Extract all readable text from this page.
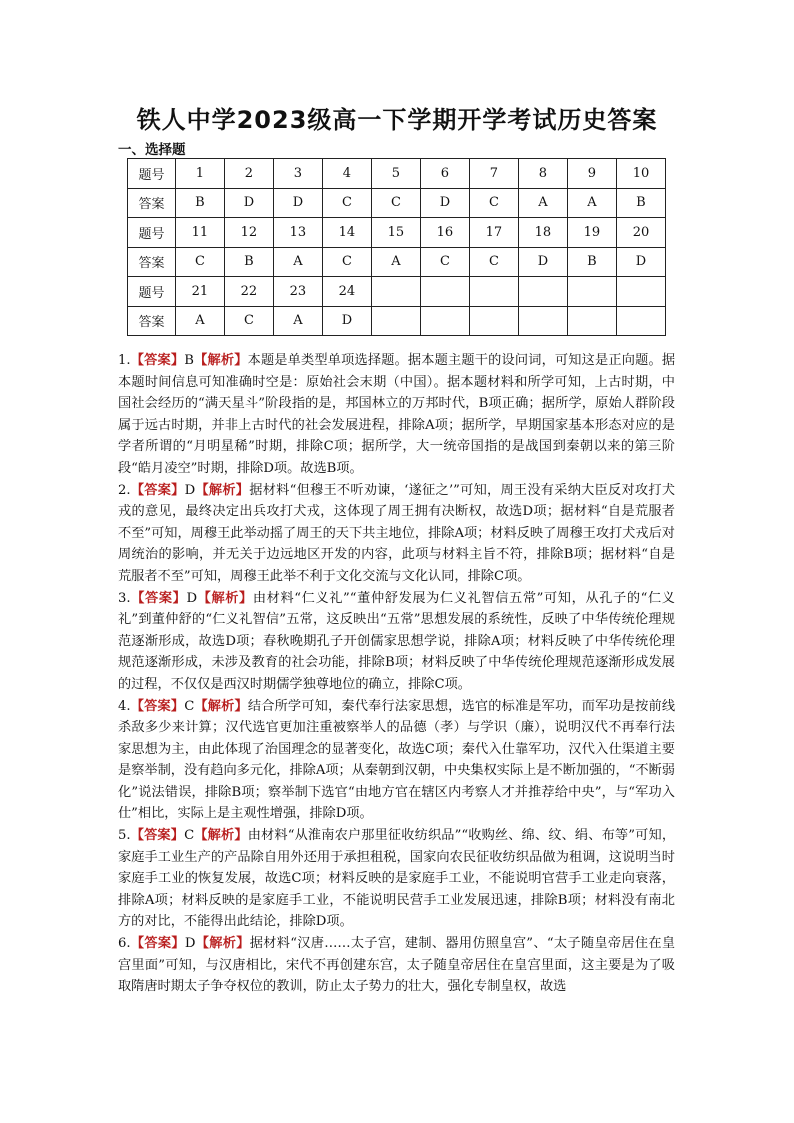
铁人中学2023级高一下学期开学考试历史答案
一、选择题
题号	1	2	3	4	5	6	7	8	9	10
答案	B	D	D	C	C	D	C	A	A	B
题号	11	12	13	14	15	16	17	18	19	20
答案	C	B	A	C	A	C	C	D	B	D
题号	21	22	23	24						
答案	A	C	A	D						

1.【答案】B【解析】本题是单类型单项选择题。据本题主题干的设问词，可知这是正向题。据本题时间信息可知准确时空是：原始社会末期（中国）。据本题材料和所学可知，上古时期，中国社会经历的“满天星斗”阶段指的是，邦国林立的万邦时代，B项正确；据所学，原始人群阶段属于远古时期，并非上古时代的社会发展进程，排除A项；据所学，早期国家基本形态对应的是学者所谓的“月明星稀”时期，排除C项；据所学，大一统帝国指的是战国到秦朝以来的第三阶段“皓月凌空”时期，排除D项。故选B项。

2.【答案】D【解析】据材料“但穆王不听劝谏，‘遂征之’”可知，周王没有采纳大臣反对攻打犬戎的意见，最终决定出兵攻打犬戎，这体现了周王拥有决断权，故选D项；据材料“自是荒服者不至”可知，周穆王此举动摇了周王的天下共主地位，排除A项；材料反映了周穆王攻打犬戎后对周统治的影响，并无关于边远地区开发的内容，此项与材料主旨不符，排除B项；据材料“自是荒服者不至”可知，周穆王此举不利于文化交流与文化认同，排除C项。

3.【答案】D【解析】由材料“仁义礼”“董仲舒发展为仁义礼智信五常”可知，从孔子的“仁义礼”到董仲舒的“仁义礼智信”五常，这反映出“五常”思想发展的系统性，反映了中华传统伦理规范逐渐形成，故选D项；春秋晚期孔子开创儒家思想学说，排除A项；材料反映了中华传统伦理规范逐渐形成，未涉及教育的社会功能，排除B项；材料反映了中华传统伦理规范逐渐形成发展的过程，不仅仅是西汉时期儒学独尊地位的确立，排除C项。

4.【答案】C【解析】结合所学可知，秦代奉行法家思想，选官的标准是军功，而军功是按前线杀敌多少来计算；汉代选官更加注重被察举人的品德（孝）与学识（廉），说明汉代不再奉行法家思想为主，由此体现了治国理念的显著变化，故选C项；秦代入仕靠军功，汉代入仕渠道主要是察举制，没有趋向多元化，排除A项；从秦朝到汉朝，中央集权实际上是不断加强的，“不断弱化”说法错误，排除B项；察举制下选官“由地方官在辖区内考察人才并推荐给中央”，与“军功入仕”相比，实际上是主观性增强，排除D项。

5.【答案】C【解析】由材料“从淮南农户那里征收纺织品”“收购丝、绵、纹、绢、布等”可知，家庭手工业生产的产品除自用外还用于承担租税，国家向农民征收纺织品做为租调，这说明当时家庭手工业的恢复发展，故选C项；材料反映的是家庭手工业，不能说明官营手工业走向衰落，排除A项；材料反映的是家庭手工业，不能说明民营手工业发展迅速，排除B项；材料没有南北方的对比，不能得出此结论，排除D项。

6.【答案】D【解析】据材料“汉唐……太子宫，建制、器用仿照皇宫”、“太子随皇帝居住在皇宫里面”可知，与汉唐相比，宋代不再创建东宫，太子随皇帝居住在皇宫里面，这主要是为了吸取隋唐时期太子争夺权位的教训，防止太子势力的壮大，强化专制皇权，故选
